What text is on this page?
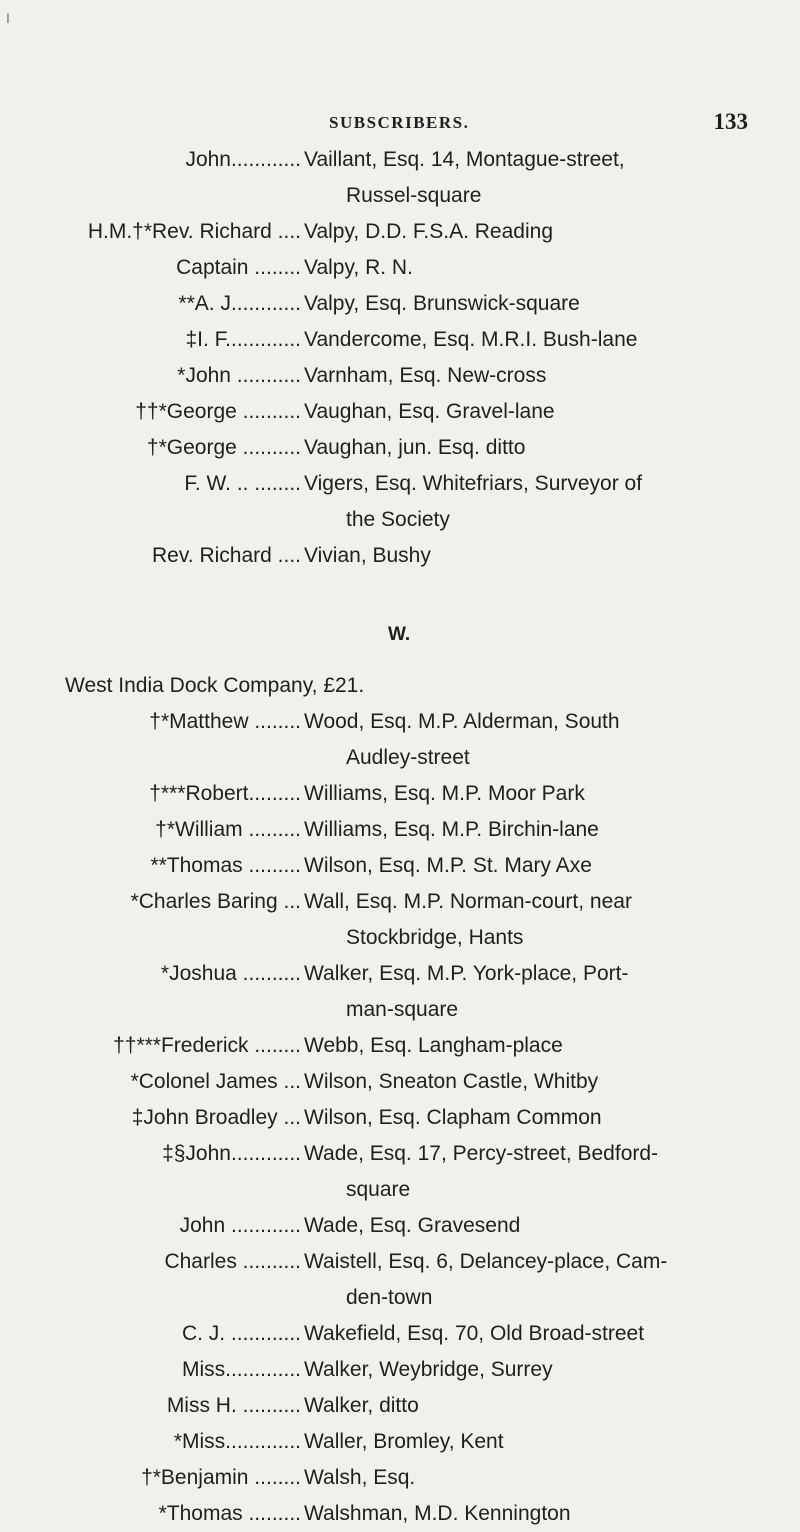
I
SUBSCRIBERS.	133
John............ Vaillant, Esq. 14, Montague-street,
Russel-square
H.M.†*Rev. Richard .... Valpy, D.D. F.S.A. Reading
Captain ........ Valpy, R. N.
**A. J............ Valpy, Esq. Brunswick-square
‡I. F............. Vandercome, Esq. M.R.I. Bush-lane
*John ........... Varnham, Esq. New-cross
††*George .......... Vaughan, Esq. Gravel-lane
†*George .......... Vaughan, jun. Esq. ditto
F. W. .. ........ Vigers, Esq. Whitefriars, Surveyor of
the Society
Rev. Richard .... Vivian, Bushy
W.
West India Dock Company, £21.
†*Matthew ........ Wood, Esq. M.P. Alderman, South
Audley-street
†***Robert......... Williams, Esq. M.P. Moor Park
†*William ......... Williams, Esq. M.P. Birchin-lane
**Thomas ......... Wilson, Esq. M.P. St. Mary Axe
*Charles Baring ... Wall, Esq. M.P. Norman-court, near
Stockbridge, Hants
*Joshua .......... Walker, Esq. M.P. York-place, Port-
man-square
††***Frederick ........ Webb, Esq. Langham-place
*Colonel James ... Wilson, Sneaton Castle, Whitby
‡John Broadley ... Wilson, Esq. Clapham Common
‡§John............ Wade, Esq. 17, Percy-street, Bedford-
square
John ............ Wade, Esq. Gravesend
Charles .......... Waistell, Esq. 6, Delancey-place, Cam-
den-town
C. J. ............ Wakefield, Esq. 70, Old Broad-street
Miss............. Walker, Weybridge, Surrey
Miss H. .......... Walker, ditto
*Miss............. Waller, Bromley, Kent
†*Benjamin ........ Walsh, Esq.
*Thomas ......... Walshman, M.D. Kennington
